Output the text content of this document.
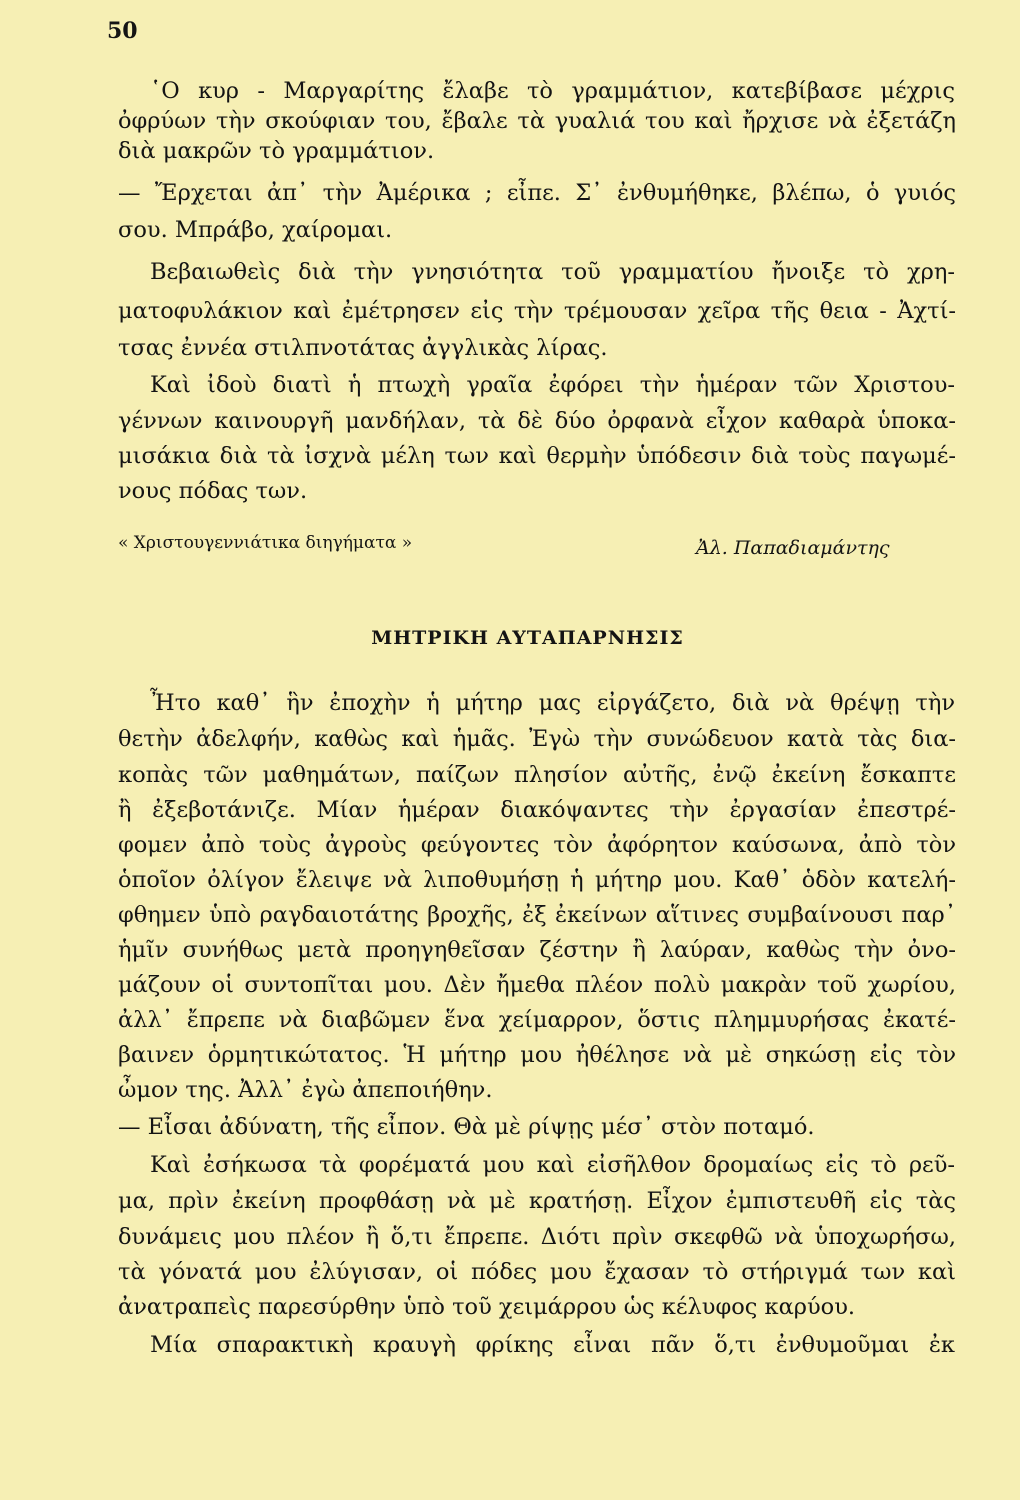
50
῾Ο κυρ - Μαργαρίτης ἔλαβε τὸ γραμμάτιον, κατεβίβασε μέχρις
ὀφρύων τὴν σκούφιαν του, ἔβαλε τὰ γυαλιά του καὶ ἤρχισε νὰ ἐξετάζη
διὰ μακρῶν τὸ γραμμάτιον.
— Ἔρχεται ἀπ᾽ τὴν Ἀμέρικα ; εἶπε. Σ᾽ ἐνθυμήθηκε, βλέπω, ὁ γυιός
σου. Μπράβο, χαίρομαι.
Βεβαιωθεὶς διὰ τὴν γνησιότητα τοῦ γραμματίου ἤνοιξε τὸ χρη-
ματοφυλάκιον καὶ ἐμέτρησεν εἰς τὴν τρέμουσαν χεῖρα τῆς θεια - Ἀχτί-
τσας ἐννέα στιλπνοτάτας ἀγγλικὰς λίρας.
Καὶ ἰδοὺ διατὶ ἡ πτωχὴ γραῖα ἐφόρει τὴν ἡμέραν τῶν Χριστου-
γέννων καινουργῆ μανδήλαν, τὰ δὲ δύο ὀρφανὰ εἶχον καθαρὰ ὑποκα-
μισάκια διὰ τὰ ἰσχνὰ μέλη των καὶ θερμὴν ὑπόδεσιν διὰ τοὺς παγωμέ-
νους πόδας των.
« Χριστουγεννιάτικα διηγήματα »	Ἀλ. Παπαδιαμάντης
ΜΗΤΡΙΚΗ ΑΥΤΑΠΑΡΝΗΣΙΣ
Ἦτο καθ᾽ ἣν ἐποχὴν ἡ μήτηρ μας εἰργάζετο, διὰ νὰ θρέψῃ τὴν
θετὴν ἀδελφήν, καθὼς καὶ ἡμᾶς. Ἐγὼ τὴν συνώδευον κατὰ τὰς δια-
κοπὰς τῶν μαθημάτων, παίζων πλησίον αὐτῆς, ἐνῷ ἐκείνη ἔσκαπτε
ἢ ἐξεβοτάνιζε. Μίαν ἡμέραν διακόψαντες τὴν ἐργασίαν ἐπεστρέ-
φομεν ἀπὸ τοὺς ἀγροὺς φεύγοντες τὸν ἀφόρητον καύσωνα, ἀπὸ τὸν
ὁποῖον ὀλίγον ἔλειψε νὰ λιποθυμήσῃ ἡ μήτηρ μου. Καθ᾽ ὁδὸν κατελή-
φθημεν ὑπὸ ραγδαιοτάτης βροχῆς, ἐξ ἐκείνων αἵτινες συμβαίνουσι παρ᾽
ἡμῖν συνήθως μετὰ προηγηθεῖσαν ζέστην ἢ λαύραν, καθὼς τὴν ὀνο-
μάζουν οἱ συντοπῖται μου. Δὲν ἤμεθα πλέον πολὺ μακρὰν τοῦ χωρίου,
ἀλλ᾽ ἔπρεπε νὰ διαβῶμεν ἕνα χείμαρρον, ὅστις πλημμυρήσας ἐκατέ-
βαινεν ὁρμητικώτατος. Ἡ μήτηρ μου ἠθέλησε νὰ μὲ σηκώσῃ εἰς τὸν
ὦμον της. Ἀλλ᾽ ἐγὼ ἀπεποιήθην.
— Εἶσαι ἀδύνατη, τῆς εἶπον. Θὰ μὲ ρίψῃς μέσ᾽ στὸν ποταμό.
Καὶ ἐσήκωσα τὰ φορέματά μου καὶ εἰσῆλθον δρομαίως εἰς τὸ ρεῦ-
μα, πρὶν ἐκείνη προφθάσῃ νὰ μὲ κρατήσῃ. Εἶχον ἐμπιστευθῆ εἰς τὰς
δυνάμεις μου πλέον ἢ ὅ,τι ἔπρεπε. Διότι πρὶν σκεφθῶ νὰ ὑποχωρήσω,
τὰ γόνατά μου ἐλύγισαν, οἱ πόδες μου ἔχασαν τὸ στήριγμά των καὶ
ἀνατραπεὶς παρεσύρθην ὑπὸ τοῦ χειμάρρου ὡς κέλυφος καρύου.
Μία σπαρακτικὴ κραυγὴ φρίκης εἶναι πᾶν ὅ,τι ἐνθυμοῦμαι ἐκ
